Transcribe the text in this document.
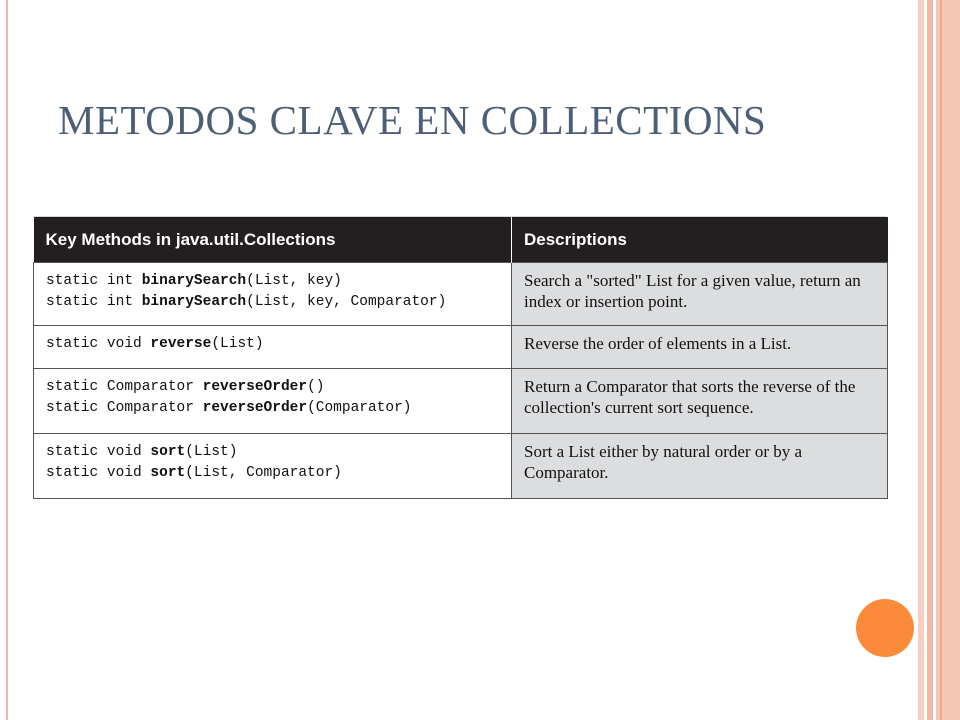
METODOS CLAVE EN COLLECTIONS
Key Methods in java.util.Collections	Descriptions

static int binarySearch(List, key)
static int binarySearch(List, key, Comparator)	Search a "sorted" List for a given value, return an index or insertion point.

static void reverse(List)	Reverse the order of elements in a List.

static Comparator reverseOrder()
static Comparator reverseOrder(Comparator)	Return a Comparator that sorts the reverse of the collection's current sort sequence.

static void sort(List)
static void sort(List, Comparator)	Sort a List either by natural order or by a Comparator.
